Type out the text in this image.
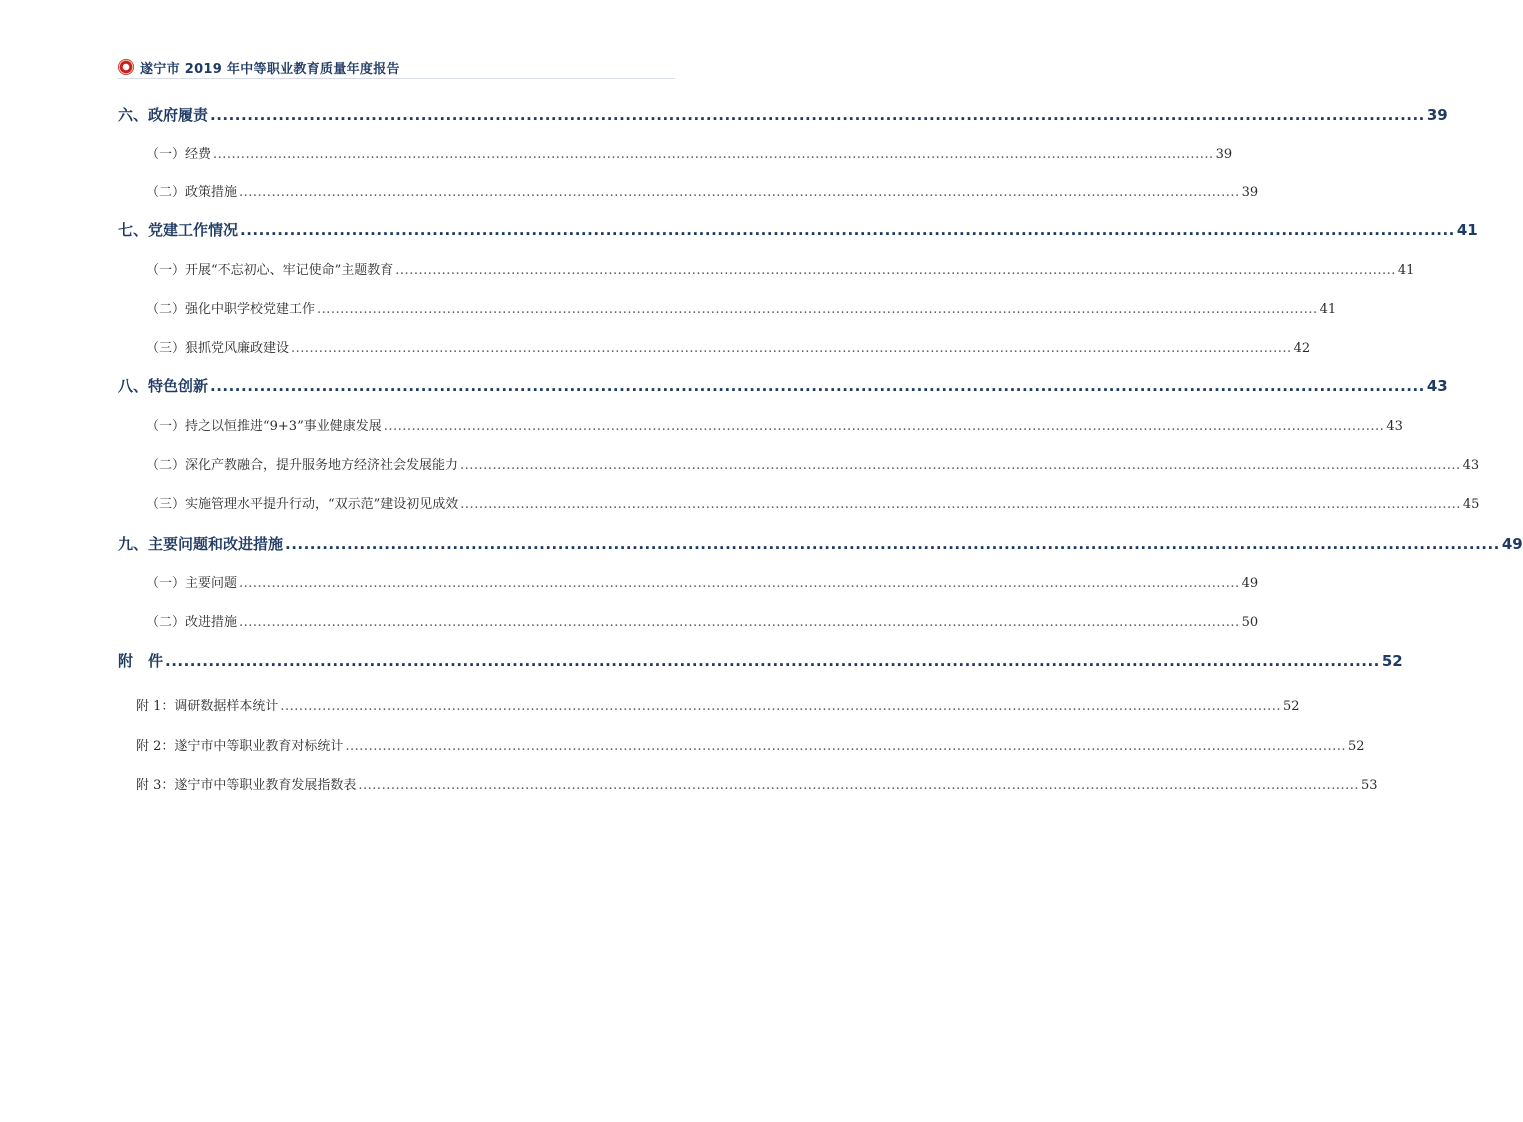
遂宁市 2019 年中等职业教育质量年度报告
六、政府履责 .................................................................................................................................................................................................... 39
（一）经费 ........................................................................................................................................................................................................................ 39
（二）政策措施 ........................................................................................................................................................................................................................ 39
七、党建工作情况 .................................................................................................................................................................................................... 41
（一）开展“不忘初心、牢记使命”主题教育 ........................................................................................................................................................................................................................ 41
（二）强化中职学校党建工作 ........................................................................................................................................................................................................................ 41
（三）狠抓党风廉政建设 ........................................................................................................................................................................................................................ 42
八、特色创新 .................................................................................................................................................................................................... 43
（一）持之以恒推进“9+3”事业健康发展 ........................................................................................................................................................................................................................ 43
（二）深化产教融合，提升服务地方经济社会发展能力 ........................................................................................................................................................................................................................ 43
（三）实施管理水平提升行动，“双示范”建设初见成效 ........................................................................................................................................................................................................................ 45
九、主要问题和改进措施 .................................................................................................................................................................................................... 49
（一）主要问题 ........................................................................................................................................................................................................................ 49
（二）改进措施 ........................................................................................................................................................................................................................ 50
附　件 .................................................................................................................................................................................................... 52
附 1：调研数据样本统计 ........................................................................................................................................................................................................................ 52
附 2：遂宁市中等职业教育对标统计 ........................................................................................................................................................................................................................ 52
附 3：遂宁市中等职业教育发展指数表 ........................................................................................................................................................................................................................ 53
